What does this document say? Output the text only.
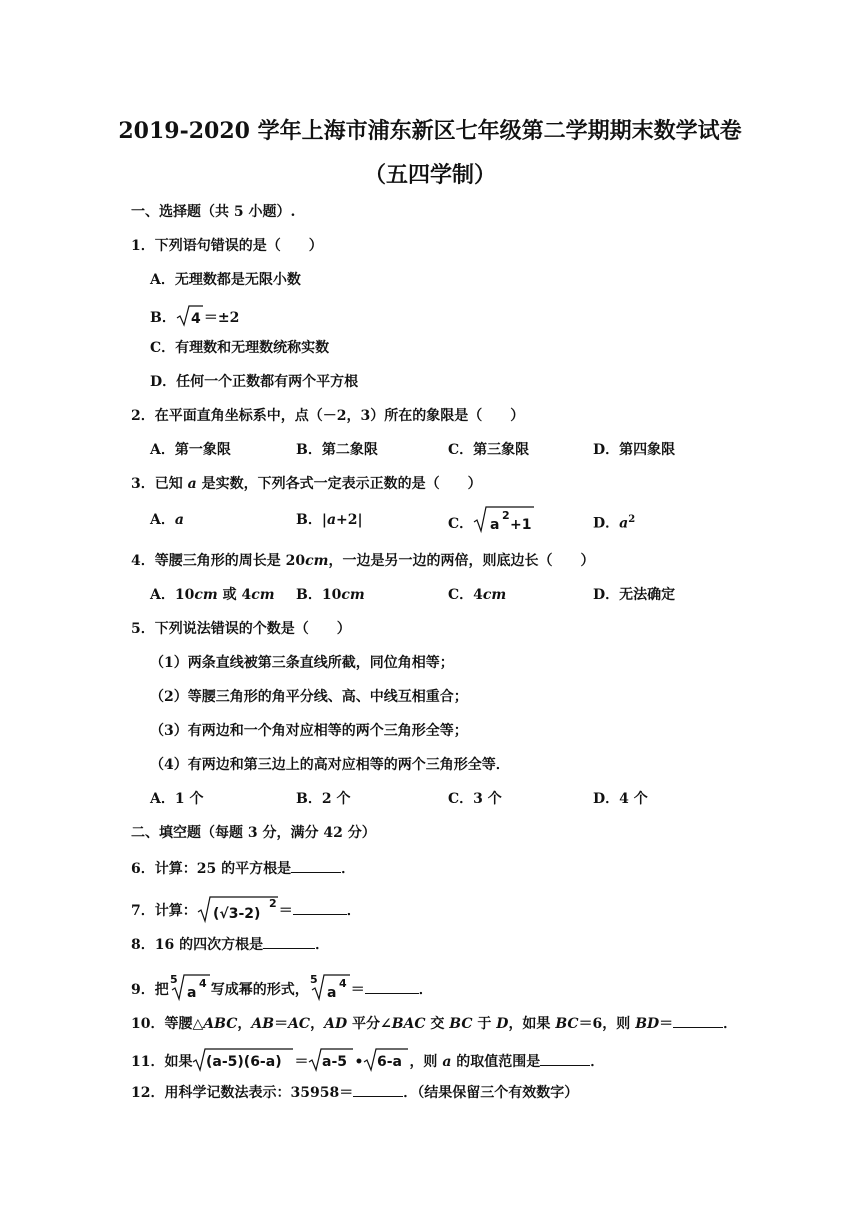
2019-2020 学年上海市浦东新区七年级第二学期期末数学试卷
（五四学制）
一、选择题（共 5 小题）.
1．下列语句错误的是（　　）
A．无理数都是无限小数
B． 4 ＝±2
C．有理数和无理数统称实数
D．任何一个正数都有两个平方根
2．在平面直角坐标系中，点（－2，3）所在的象限是（　　）
A．第一象限	B．第二象限	C．第三象限	D．第四象限
3．已知 a 是实数，下列各式一定表示正数的是（　　）
A．a	B．|a+2|	C． a
2
+1	D．$a^2$
4．等腰三角形的周长是 20cm，一边是另一边的两倍，则底边长（　　）
A．10cm 或 4cm B．10cm	C．4cm	D．无法确定
5．下列说法错误的个数是（　　）
（1）两条直线被第三条直线所截，同位角相等；
（2）等腰三角形的角平分线、高、中线互相重合；
（3）有两边和一个角对应相等的两个三角形全等；
（4）有两边和第三边上的高对应相等的两个三角形全等．
A．1 个	B．2 个	C．3 个	D．4 个
二、填空题（每题 3 分，满分 42 分）
6．计算：25 的平方根是	．
7．计算： (√3-2)
2 ＝	．
8．16 的四次方根是	．
9．把
5
a
4 写成幂的形式，
5
a
4 ＝	．
10．等腰△ABC，AB＝AC，AD 平分∠BAC 交 BC 于 D，如果 BC＝6，则 BD＝	．
11．如果 (a-5)(6-a) ＝ a-5 • 6-a ，则 a 的取值范围是	．
12．用科学记数法表示：35958＝	．（结果保留三个有效数字）
